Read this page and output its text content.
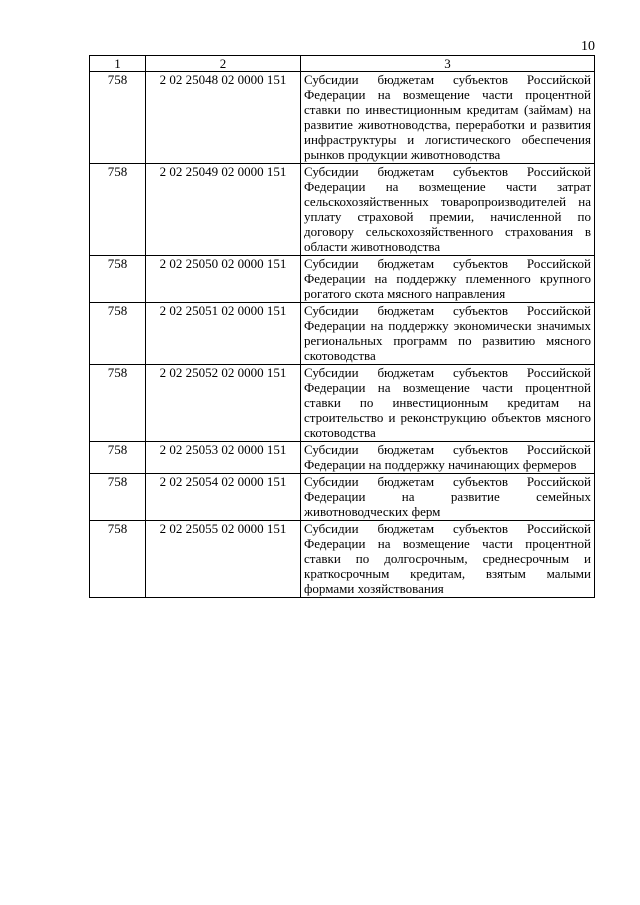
10
1	2	3
758	2 02 25048 02 0000 151	Субсидии бюджетам субъектов Российской Федерации на возмещение части процентной ставки по инвестиционным кредитам (займам) на развитие животноводства, переработки и развития инфраструктуры и логистического обеспечения рынков продукции животноводства
758	2 02 25049 02 0000 151	Субсидии бюджетам субъектов Российской Федерации на возмещение части затрат сельскохозяйственных товаропроизводителей на уплату страховой премии, начисленной по договору сельскохозяйственного страхования в области животноводства
758	2 02 25050 02 0000 151	Субсидии бюджетам субъектов Российской Федерации на поддержку племенного крупного рогатого скота мясного направления
758	2 02 25051 02 0000 151	Субсидии бюджетам субъектов Российской Федерации на поддержку экономически значимых региональных программ по развитию мясного скотоводства
758	2 02 25052 02 0000 151	Субсидии бюджетам субъектов Российской Федерации на возмещение части процентной ставки по инвестиционным кредитам на строительство и реконструкцию объектов мясного скотоводства
758	2 02 25053 02 0000 151	Субсидии бюджетам субъектов Российской Федерации на поддержку начинающих фермеров
758	2 02 25054 02 0000 151	Субсидии бюджетам субъектов Российской Федерации на развитие семейных животноводческих ферм
758	2 02 25055 02 0000 151	Субсидии бюджетам субъектов Российской Федерации на возмещение части процентной ставки по долгосрочным, среднесрочным и краткосрочным кредитам, взятым малыми формами хозяйствования
